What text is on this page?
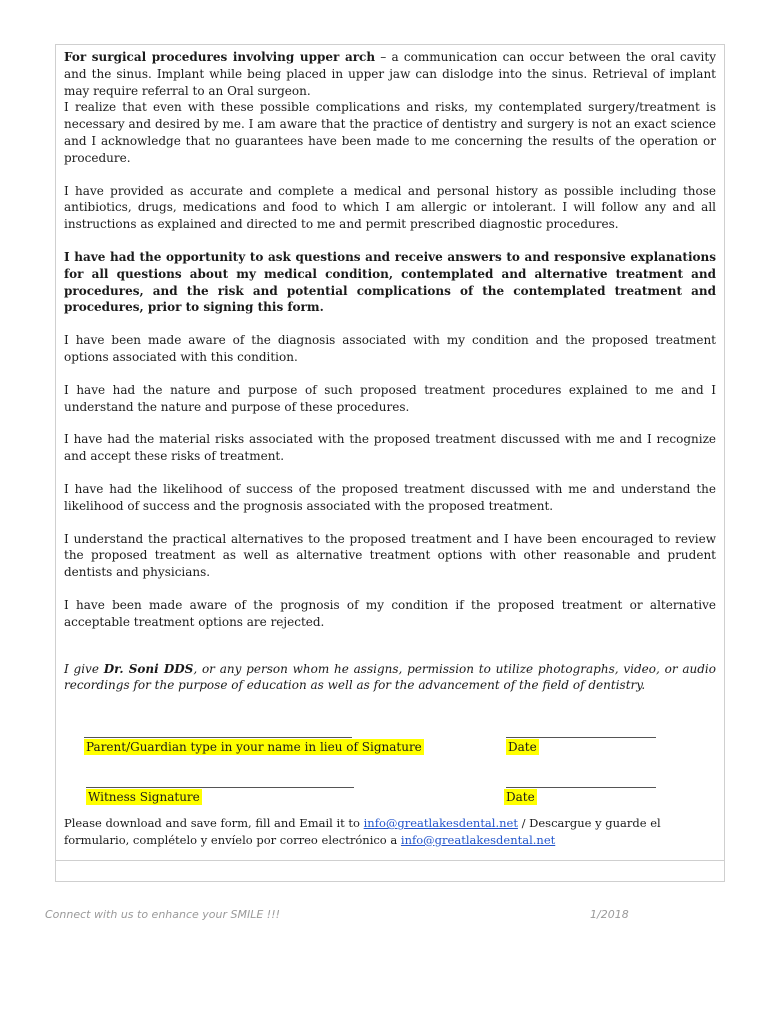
For surgical procedures involving upper arch – a communication can occur between the oral cavity and the sinus. Implant while being placed in upper jaw can dislodge into the sinus. Retrieval of implant may require referral to an Oral surgeon.

I realize that even with these possible complications and risks, my contemplated surgery/treatment is necessary and desired by me. I am aware that the practice of dentistry and surgery is not an exact science and I acknowledge that no guarantees have been made to me concerning the results of the operation or procedure.

I have provided as accurate and complete a medical and personal history as possible including those antibiotics, drugs, medications and food to which I am allergic or intolerant. I will follow any and all instructions as explained and directed to me and permit prescribed diagnostic procedures.

I have had the opportunity to ask questions and receive answers to and responsive explanations for all questions about my medical condition, contemplated and alternative treatment and procedures, and the risk and potential complications of the contemplated treatment and procedures, prior to signing this form.

I have been made aware of the diagnosis associated with my condition and the proposed treatment options associated with this condition.

I have had the nature and purpose of such proposed treatment procedures explained to me and I understand the nature and purpose of these procedures.

I have had the material risks associated with the proposed treatment discussed with me and I recognize and accept these risks of treatment.

I have had the likelihood of success of the proposed treatment discussed with me and understand the likelihood of success and the prognosis associated with the proposed treatment.

I understand the practical alternatives to the proposed treatment and I have been encouraged to review the proposed treatment as well as alternative treatment options with other reasonable and prudent dentists and physicians.

I have been made aware of the prognosis of my condition if the proposed treatment or alternative acceptable treatment options are rejected.

I give Dr. Soni DDS, or any person whom he assigns, permission to utilize photographs, video, or audio recordings for the purpose of education as well as for the advancement of the field of dentistry.

Parent/Guardian type in your name in lieu of Signature	Date
Witness Signature	Date
Please download and save form, fill and Email it to info@greatlakesdental.net / Descargue y guarde el formulario, complételo y envíelo por correo electrónico a info@greatlakesdental.net
Connect with us to enhance your SMILE !!!	1/2018
